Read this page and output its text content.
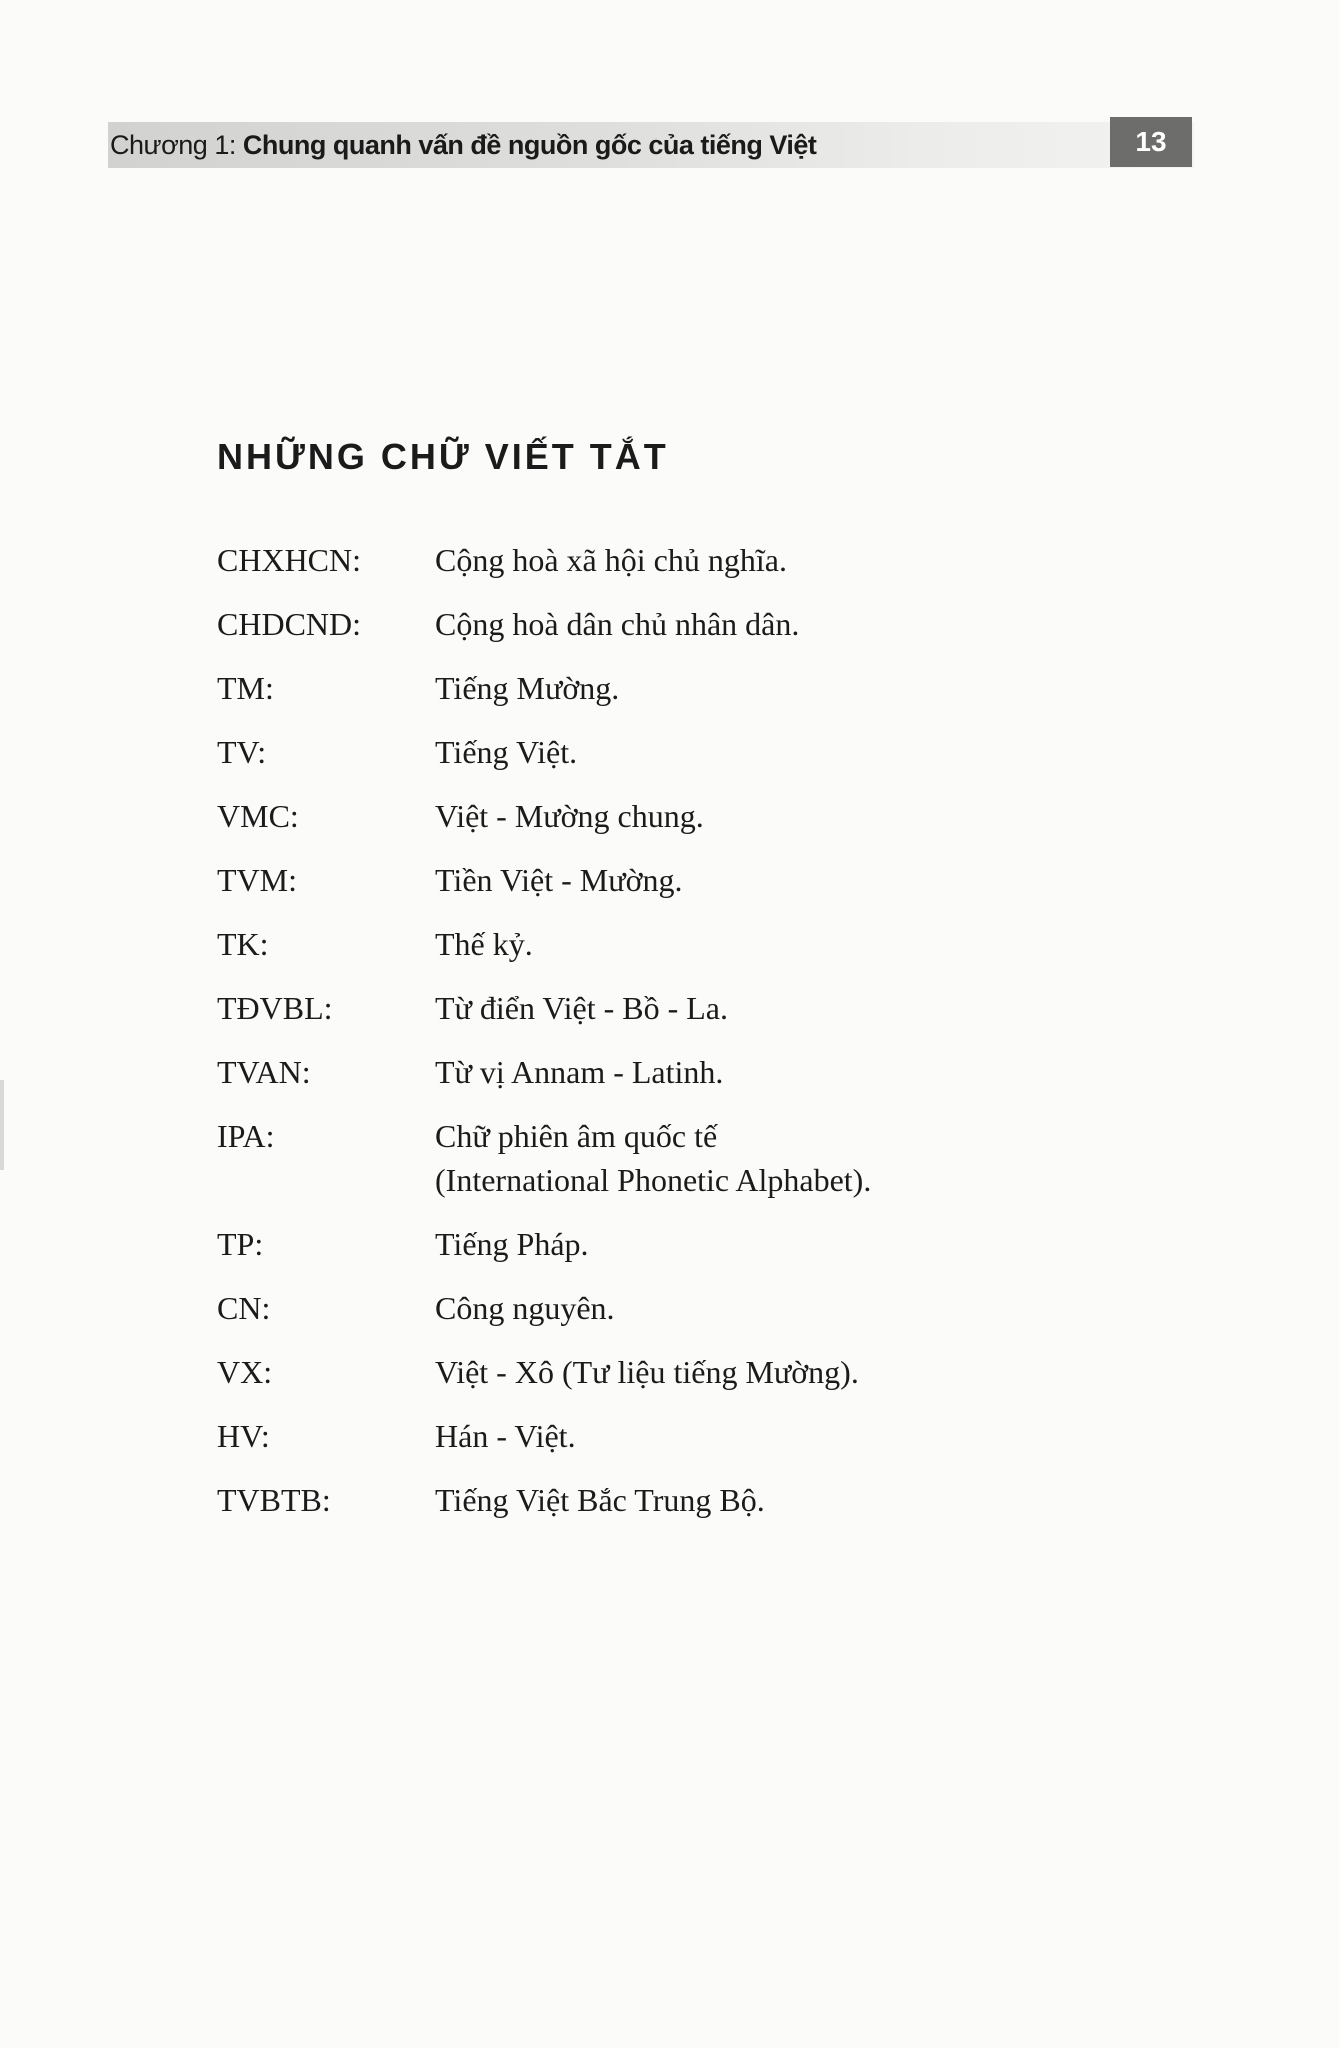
Chương 1: Chung quanh vấn đề nguồn gốc của tiếng Việt	13
NHỮNG CHỮ VIẾT TẮT
CHXHCN:	Cộng hoà xã hội chủ nghĩa.
CHDCND:	Cộng hoà dân chủ nhân dân.
TM:	Tiếng Mường.
TV:	Tiếng Việt.
VMC:	Việt - Mường chung.
TVM:	Tiền Việt - Mường.
TK:	Thế kỷ.
TĐVBL:	Từ điển Việt - Bồ - La.
TVAN:	Từ vị Annam - Latinh.
IPA:	Chữ phiên âm quốc tế
(International Phonetic Alphabet).
TP:	Tiếng Pháp.
CN:	Công nguyên.
VX:	Việt - Xô (Tư liệu tiếng Mường).
HV:	Hán - Việt.
TVBTB:	Tiếng Việt Bắc Trung Bộ.
